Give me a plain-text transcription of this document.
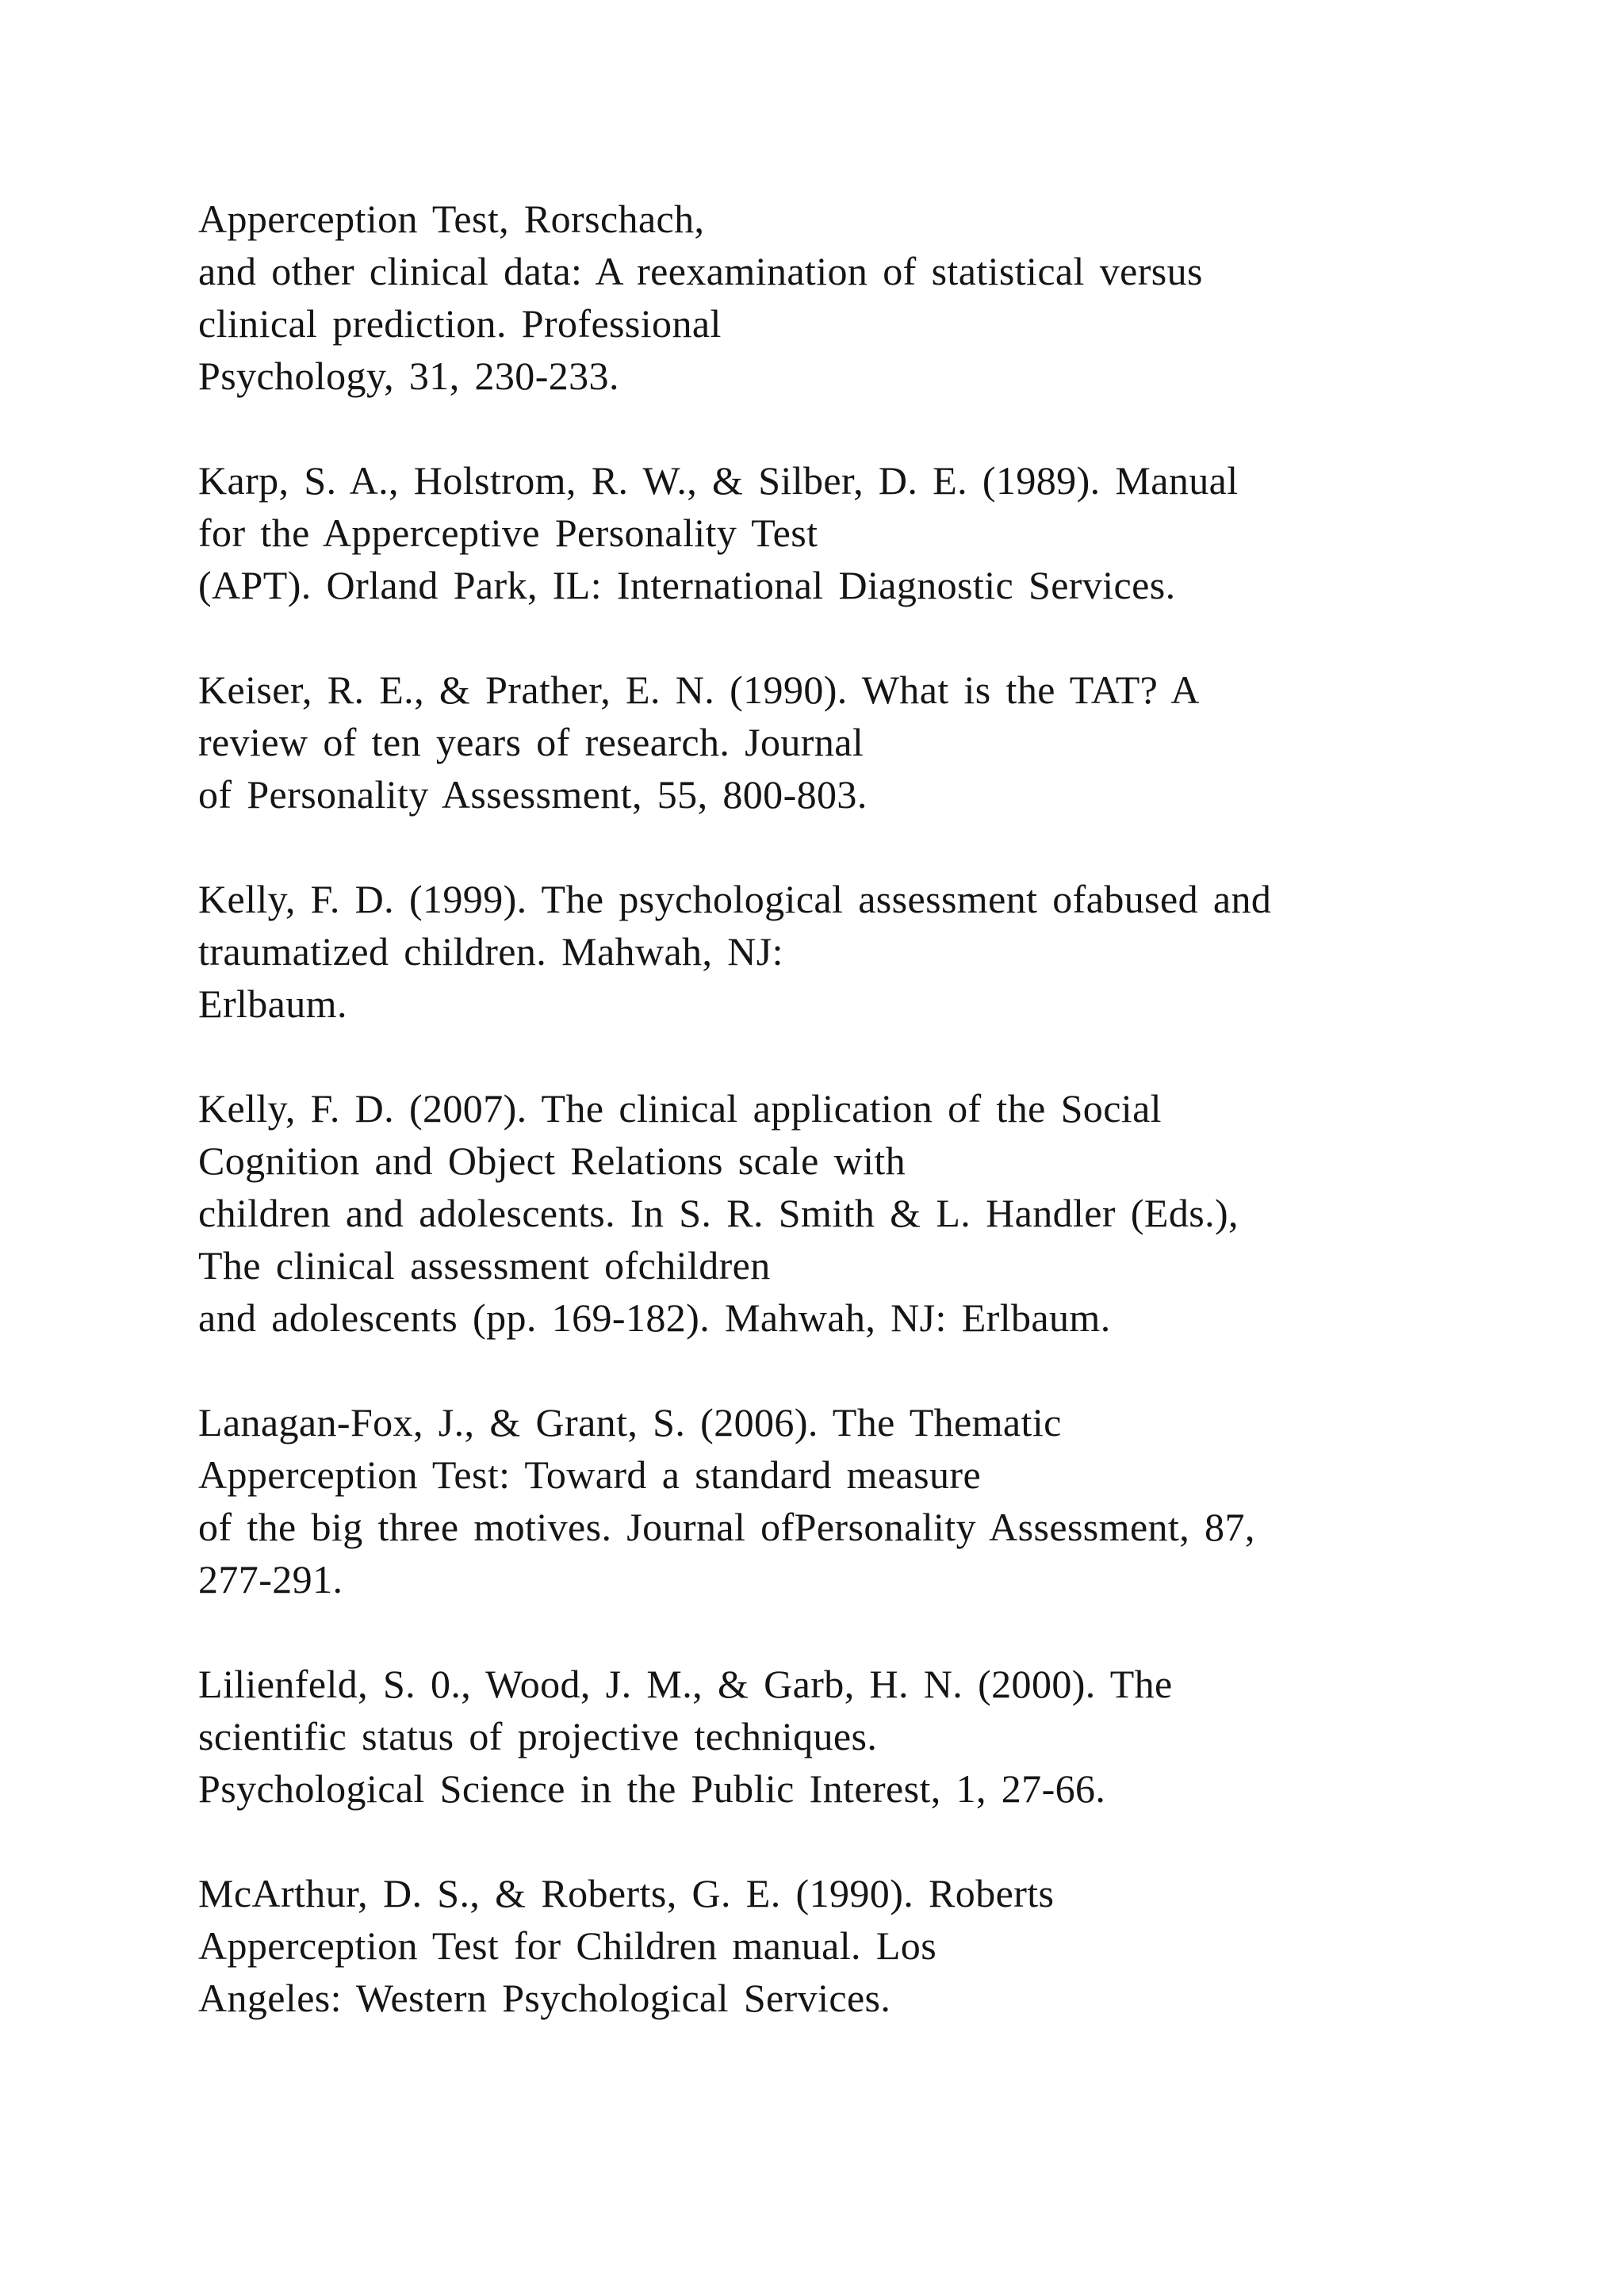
Apperception Test, Rorschach,
and other clinical data: A reexamination of statistical versus
clinical prediction. Professional
Psychology, 31, 230-233.
Karp, S. A., Holstrom, R. W., & Silber, D. E. (1989). Manual
for the Apperceptive Personality Test
(APT). Orland Park, IL: International Diagnostic Services.
Keiser, R. E., & Prather, E. N. (1990). What is the TAT? A
review of ten years of research. Journal
of Personality Assessment, 55, 800-803.
Kelly, F. D. (1999). The psychological assessment ofabused and
traumatized children. Mahwah, NJ:
Erlbaum.
Kelly, F. D. (2007). The clinical application of the Social
Cognition and Object Relations scale with
children and adolescents. In S. R. Smith & L. Handler (Eds.),
The clinical assessment ofchildren
and adolescents (pp. 169-182). Mahwah, NJ: Erlbaum.
Lanagan-Fox, J., & Grant, S. (2006). The Thematic
Apperception Test: Toward a standard measure
of the big three motives. Journal ofPersonality Assessment, 87,
277-291.
Lilienfeld, S. 0., Wood, J. M., & Garb, H. N. (2000). The
scientific status of projective techniques.
Psychological Science in the Public Interest, 1, 27-66.
McArthur, D. S., & Roberts, G. E. (1990). Roberts
Apperception Test for Children manual. Los
Angeles: Western Psychological Services.
